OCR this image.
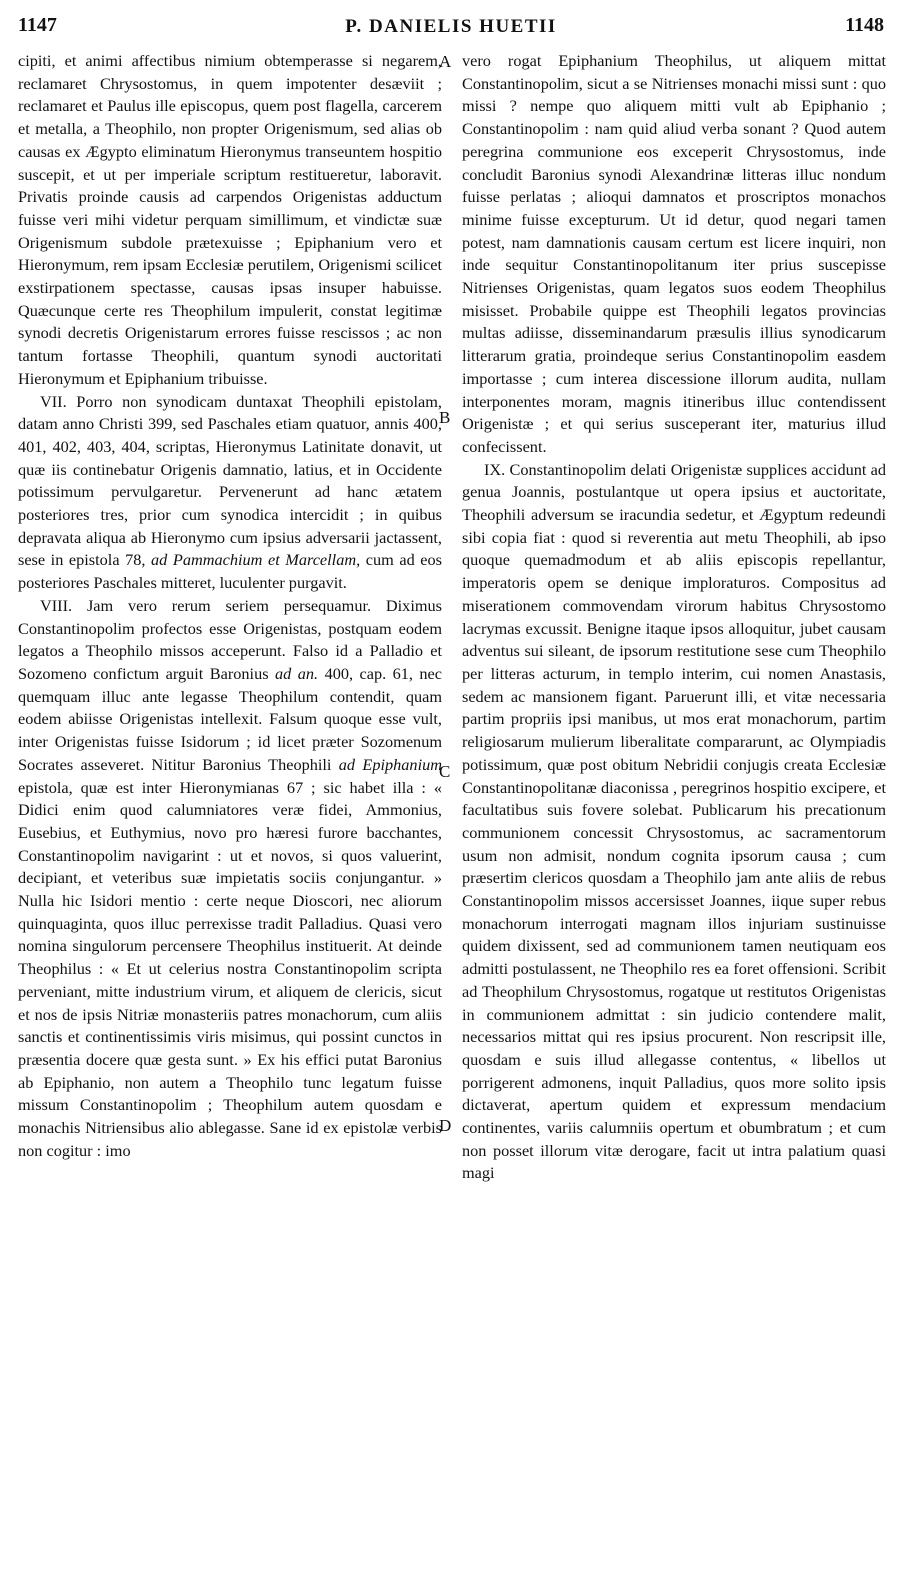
1147	P. DANIELIS HUETII	1148

cipiti, et animi affectibus nimium obtemperasse si negarem, reclamaret Chrysostomus, in quem impotenter desæviit ; reclamaret et Paulus ille episcopus, quem post flagella, carcerem et metalla, a Theophilo, non propter Origenismum, sed alias ob causas ex Ægypto eliminatum Hieronymus transeuntem hospitio suscepit, et ut per imperiale scriptum restitueretur, laboravit. Privatis proinde causis ad carpendos Origenistas adductum fuisse veri mihi videtur perquam simillimum, et vindictæ suæ Origenismum subdole prætexuisse ; Epiphanium vero et Hieronymum, rem ipsam Ecclesiæ perutilem, Origenismi scilicet exstirpationem spectasse, causas ipsas insuper habuisse. Quæcunque certe res Theophilum impulerit, constat legitimæ synodi decretis Origenistarum errores fuisse rescissos ; ac non tantum fortasse Theophili, quantum synodi auctoritati Hieronymum et Epiphanium tribuisse.

VII. Porro non synodicam duntaxat Theophili epistolam, datam anno Christi 399, sed Paschales etiam quatuor, annis 400, 401, 402, 403, 404, scriptas, Hieronymus Latinitate donavit, ut quæ iis continebatur Origenis damnatio, latius, et in Occidente potissimum pervulgaretur. Pervenerunt ad hanc ætatem posteriores tres, prior cum synodica intercidit ; in quibus depravata aliqua ab Hieronymo cum ipsius adversarii jactassent, sese in epistola 78, ad Pammachium et Marcellam, cum ad eos posteriores Paschales mitteret, luculenter purgavit.

VIII. Jam vero rerum seriem persequamur. Diximus Constantinopolim profectos esse Origenistas, postquam eodem legatos a Theophilo missos acceperunt. Falso id a Palladio et Sozomeno confictum arguit Baronius ad an. 400, cap. 61, nec quemquam illuc ante legasse Theophilum contendit, quam eodem abiisse Origenistas intellexit. Falsum quoque esse vult, inter Origenistas fuisse Isidorum ; id licet præter Sozomenum Socrates asseveret. Nititur Baronius Theophili ad Epiphanium epistola, quæ est inter Hieronymianas 67 ; sic habet illa : « Didici enim quod calumniatores veræ fidei, Ammonius, Eusebius, et Euthymius, novo pro hæresi furore bacchantes, Constantinopolim navigarint : ut et novos, si quos valuerint, decipiant, et veteribus suæ impietatis sociis conjungantur. » Nulla hic Isidori mentio : certe neque Dioscori, nec aliorum quinquaginta, quos illuc perrexisse tradit Palladius. Quasi vero nomina singulorum percensere Theophilus instituerit. At deinde Theophilus : « Et ut celerius nostra Constantinopolim scripta perveniant, mitte industrium virum, et aliquem de clericis, sicut et nos de ipsis Nitriæ monasteriis patres monachorum, cum aliis sanctis et continentissimis viris misimus, qui possint cunctos in præsentia docere quæ gesta sunt. » Ex his effici putat Baronius ab Epiphanio, non autem a Theophilo tunc legatum fuisse missum Constantinopolim ; Theophilum autem quosdam e monachis Nitriensibus alio ablegasse. Sane id ex epistolæ verbis non cogitur : imo

A
B
C
D

vero rogat Epiphanium Theophilus, ut aliquem mittat Constantinopolim, sicut a se Nitrienses monachi missi sunt : quo missi ? nempe quo aliquem mitti vult ab Epiphanio ; Constantinopolim : nam quid aliud verba sonant ? Quod autem peregrina communione eos exceperit Chrysostomus, inde concludit Baronius synodi Alexandrinæ litteras illuc nondum fuisse perlatas ; alioqui damnatos et proscriptos monachos minime fuisse excepturum. Ut id detur, quod negari tamen potest, nam damnationis causam certum est licere inquiri, non inde sequitur Constantinopolitanum iter prius suscepisse Nitrienses Origenistas, quam legatos suos eodem Theophilus misisset. Probabile quippe est Theophili legatos provincias multas adiisse, disseminandarum præsulis illius synodicarum litterarum gratia, proindeque serius Constantinopolim easdem importasse ; cum interea discessione illorum audita, nullam interponentes moram, magnis itineribus illuc contendissent Origenistæ ; et qui serius susceperant iter, maturius illud confecissent.

IX. Constantinopolim delati Origenistæ supplices accidunt ad genua Joannis, postulantque ut opera ipsius et auctoritate, Theophili adversum se iracundia sedetur, et Ægyptum redeundi sibi copia fiat : quod si reverentia aut metu Theophili, ab ipso quoque quemadmodum et ab aliis episcopis repellantur, imperatoris opem se denique imploraturos. Compositus ad miserationem commovendam virorum habitus Chrysostomo lacrymas excussit. Benigne itaque ipsos alloquitur, jubet causam adventus sui sileant, de ipsorum restitutione sese cum Theophilo per litteras acturum, in templo interim, cui nomen Anastasis, sedem ac mansionem figant. Paruerunt illi, et vitæ necessaria partim propriis ipsi manibus, ut mos erat monachorum, partim religiosarum mulierum liberalitate compararunt, ac Olympiadis potissimum, quæ post obitum Nebridii conjugis creata Ecclesiæ Constantinopolitanæ diaconissa , peregrinos hospitio excipere, et facultatibus suis fovere solebat. Publicarum his precationum communionem concessit Chrysostomus, ac sacramentorum usum non admisit, nondum cognita ipsorum causa ; cum præsertim clericos quosdam a Theophilo jam ante aliis de rebus Constantinopolim missos accersisset Joannes, iique super rebus monachorum interrogati magnam illos injuriam sustinuisse quidem dixissent, sed ad communionem tamen neutiquam eos admitti postulassent, ne Theophilo res ea foret offensioni. Scribit ad Theophilum Chrysostomus, rogatque ut restitutos Origenistas in communionem admittat : sin judicio contendere malit, necessarios mittat qui res ipsius procurent. Non rescripsit ille, quosdam e suis illud allegasse contentus, « libellos ut porrigerent admonens, inquit Palladius, quos more solito ipsis dictaverat, apertum quidem et expressum mendacium continentes, variis calumniis opertum et obumbratum ; et cum non posset illorum vitæ derogare, facit ut intra palatium quasi magi
